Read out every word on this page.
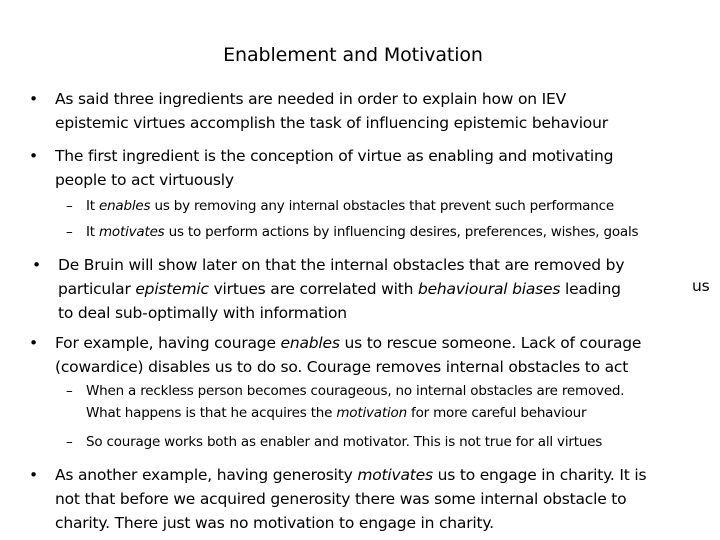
Enablement and Motivation
• As said three ingredients are needed in order to explain how on IEV
epistemic virtues accomplish the task of influencing epistemic behaviour
• The first ingredient is the conception of virtue as enabling and motivating
people to act virtuously
– It enables us by removing any internal obstacles that prevent such performance
– It motivates us to perform actions by influencing desires, preferences, wishes, goals
• De Bruin will show later on that the internal obstacles that are removed by
particular epistemic virtues are correlated with behavioural biases leading
to deal sub-optimally with information
us
• For example, having courage enables us to rescue someone. Lack of courage
(cowardice) disables us to do so. Courage removes internal obstacles to act
– When a reckless person becomes courageous, no internal obstacles are removed.
What happens is that he acquires the motivation for more careful behaviour
– So courage works both as enabler and motivator. This is not true for all virtues
• As another example, having generosity motivates us to engage in charity. It is
not that before we acquired generosity there was some internal obstacle to
charity. There just was no motivation to engage in charity.
